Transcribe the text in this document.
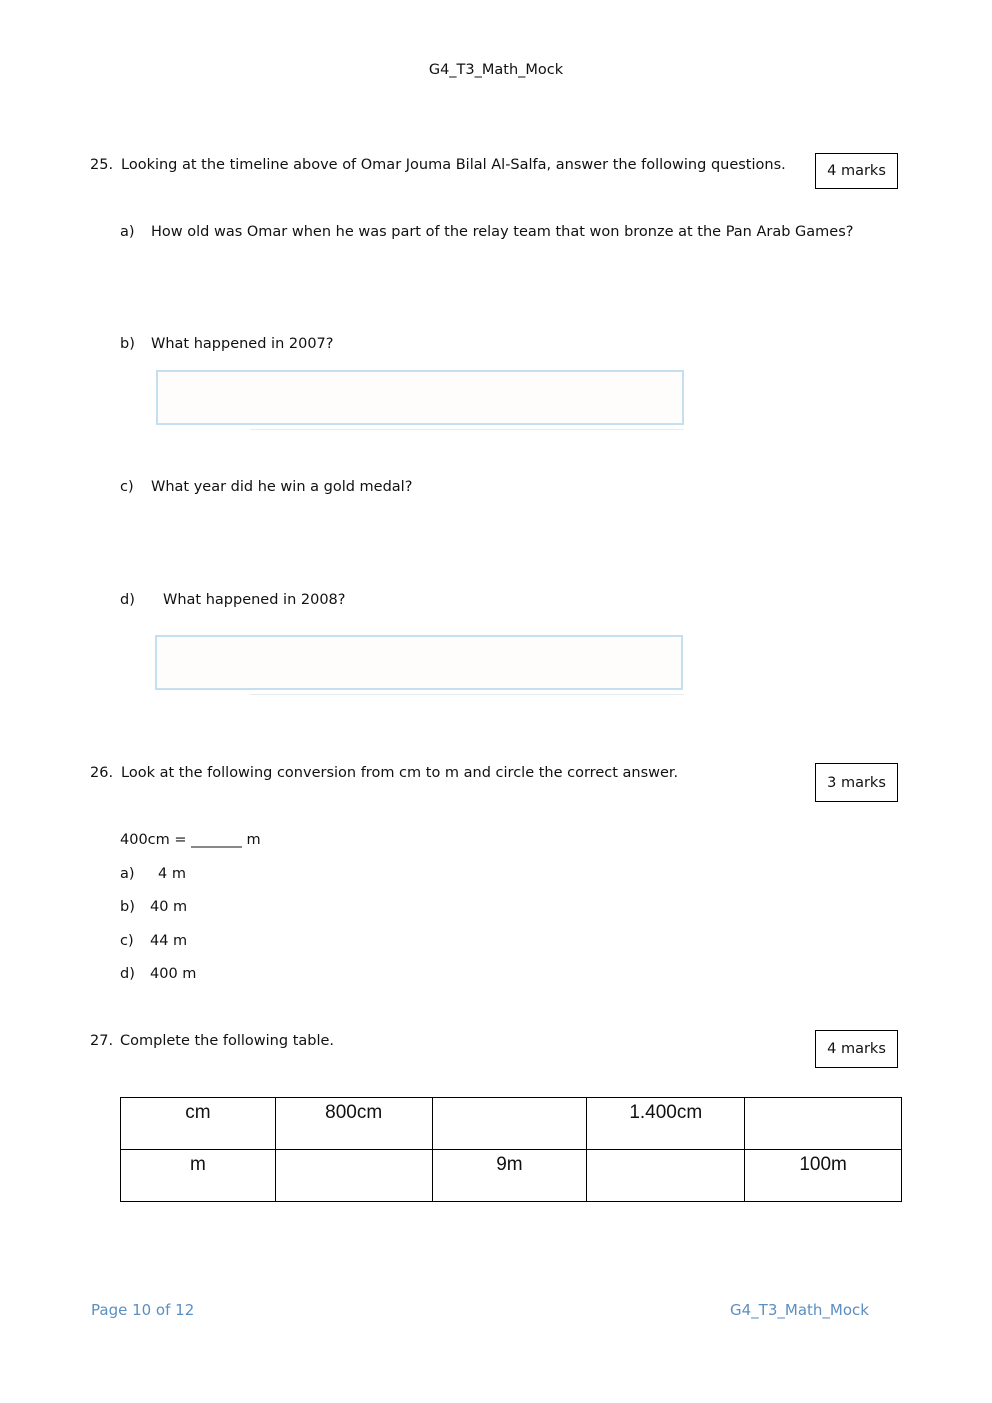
G4_T3_Math_Mock
25. Looking at the timeline above of Omar Jouma Bilal Al-Salfa, answer the following questions.	4 marks
a) How old was Omar when he was part of the relay team that won bronze at the Pan Arab Games?
b) What happened in 2007?
c) What year did he win a gold medal?
d) What happened in 2008?
26. Look at the following conversion from cm to m and circle the correct answer.
3 marks
400cm = _______ m
a) 4 m
b) 40 m
c) 44 m
d) 400 m
27. Complete the following table.	4 marks
cm	800cm		1.400cm	
m		9m		100m
Page 10 of 12	G4_T3_Math_Mock
